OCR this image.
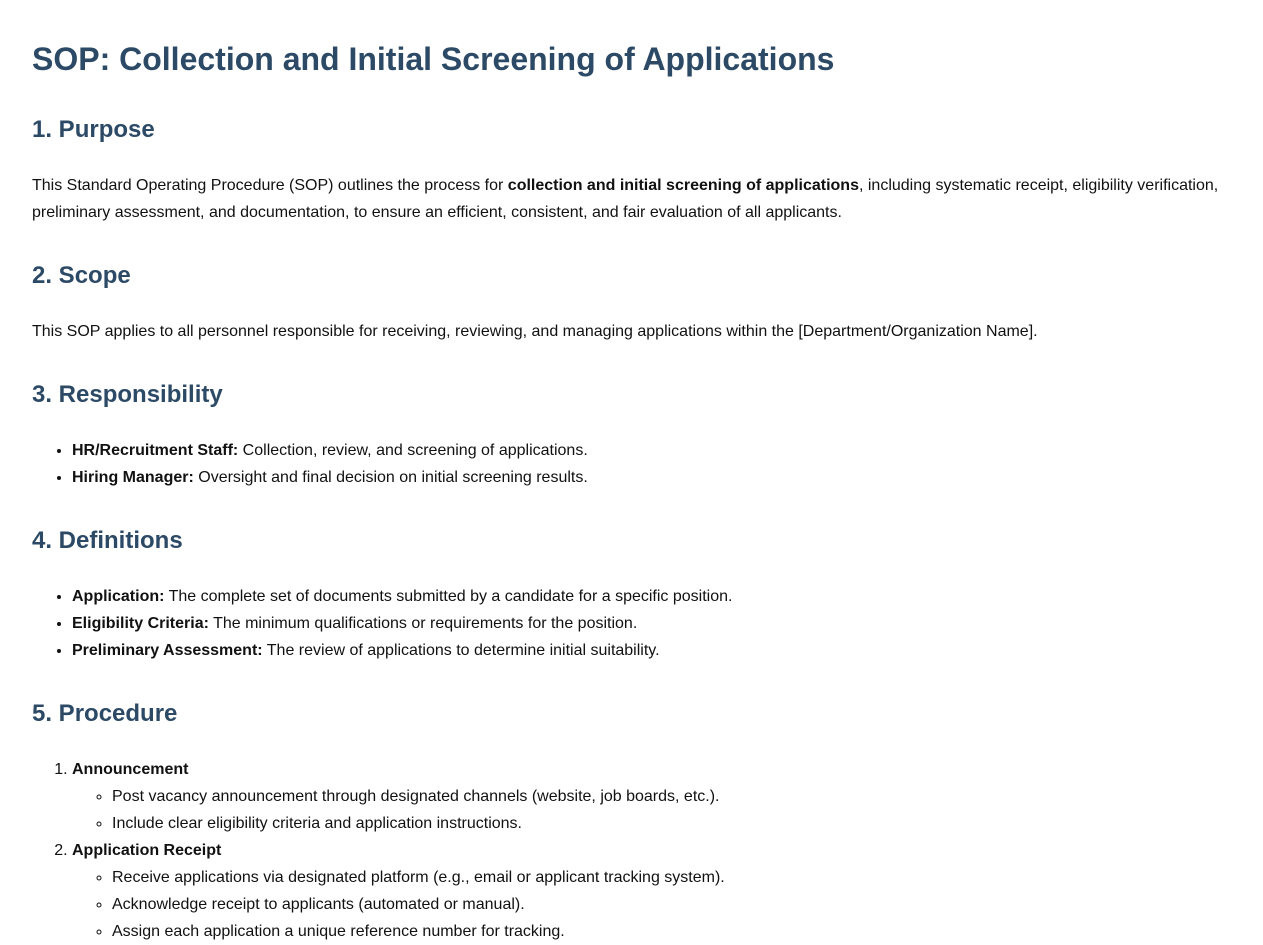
SOP: Collection and Initial Screening of Applications
1. Purpose

This Standard Operating Procedure (SOP) outlines the process for collection and initial screening of applications, including systematic receipt, eligibility verification, preliminary assessment, and documentation, to ensure an efficient, consistent, and fair evaluation of all applicants.

2. Scope

This SOP applies to all personnel responsible for receiving, reviewing, and managing applications within the [Department/Organization Name].

3. Responsibility
• HR/Recruitment Staff: Collection, review, and screening of applications.
• Hiring Manager: Oversight and final decision on initial screening results.
4. Definitions
• Application: The complete set of documents submitted by a candidate for a specific position.
• Eligibility Criteria: The minimum qualifications or requirements for the position.
• Preliminary Assessment: The review of applications to determine initial suitability.
5. Procedure
1. Announcement
◦ Post vacancy announcement through designated channels (website, job boards, etc.).
◦ Include clear eligibility criteria and application instructions.
2. Application Receipt
◦ Receive applications via designated platform (e.g., email or applicant tracking system).
◦ Acknowledge receipt to applicants (automated or manual).
◦ Assign each application a unique reference number for tracking.
